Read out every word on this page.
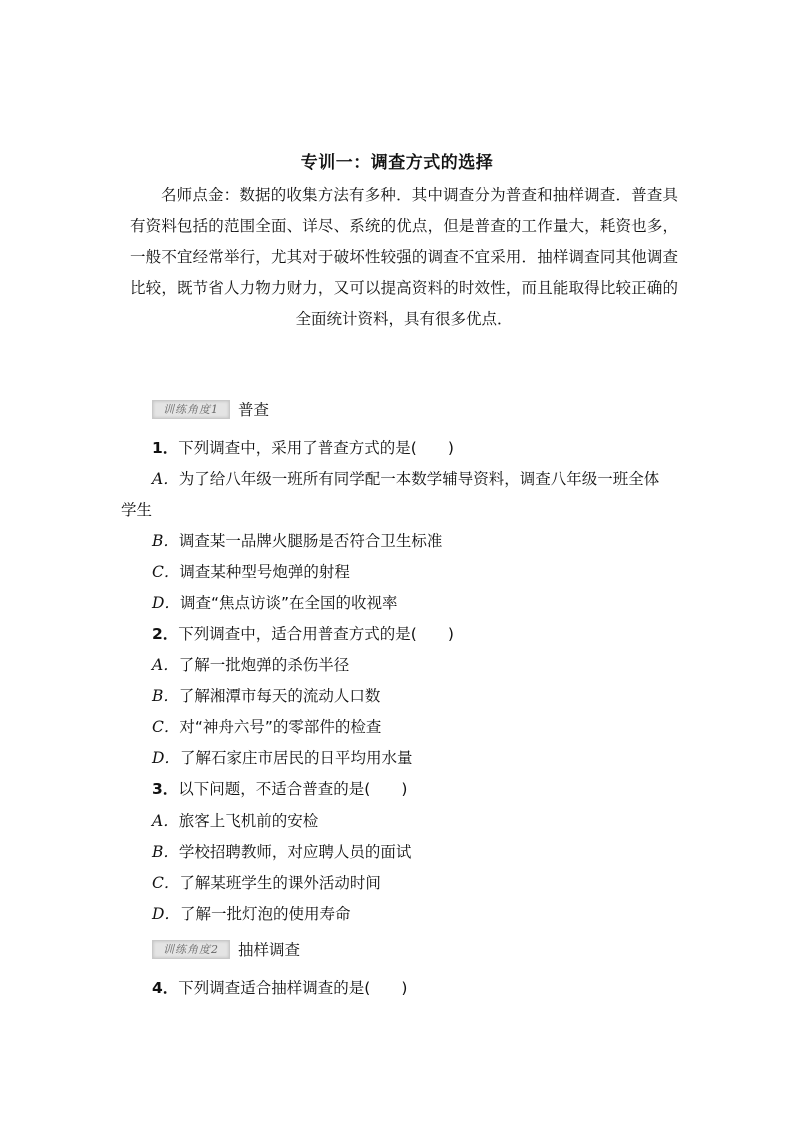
专训一：调查方式的选择
名师点金：数据的收集方法有多种．其中调查分为普查和抽样调查．普查具有资料包括的范围全面、详尽、系统的优点，但是普查的工作量大，耗资也多，一般不宜经常举行，尤其对于破坏性较强的调查不宜采用．抽样调查同其他调查比较，既节省人力物力财力，又可以提高资料的时效性，而且能取得比较正确的全面统计资料，具有很多优点．
训练角度1	普查
1．下列调查中，采用了普查方式的是(　　)
A．为了给八年级一班所有同学配一本数学辅导资料，调查八年级一班全体
学生
B．调查某一品牌火腿肠是否符合卫生标准
C．调查某种型号炮弹的射程
D．调查“焦点访谈”在全国的收视率
2．下列调查中，适合用普查方式的是(　　)
A．了解一批炮弹的杀伤半径
B．了解湘潭市每天的流动人口数
C．对“神舟六号”的零部件的检查
D．了解石家庄市居民的日平均用水量
3．以下问题，不适合普查的是(　　)
A．旅客上飞机前的安检
B．学校招聘教师，对应聘人员的面试
C．了解某班学生的课外活动时间
D．了解一批灯泡的使用寿命
训练角度2	抽样调查
4．下列调查适合抽样调查的是(　　)
